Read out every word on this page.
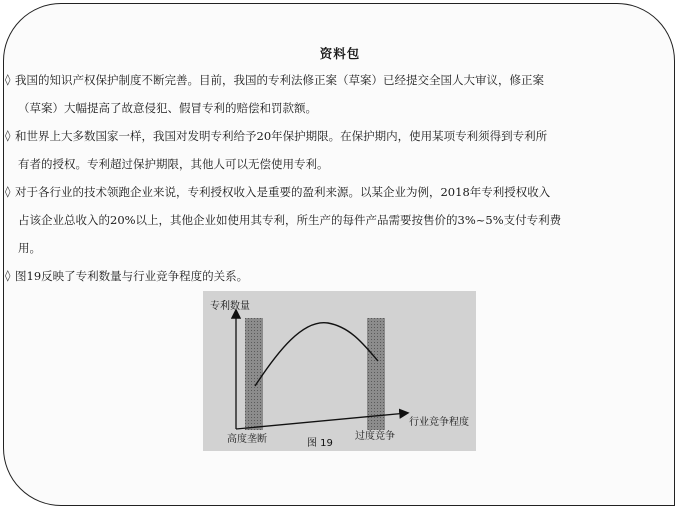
资料包
◊ 我国的知识产权保护制度不断完善。目前，我国的专利法修正案（草案）已经提交全国人大审议，修正案
（草案）大幅提高了故意侵犯、假冒专利的赔偿和罚款额。
◊ 和世界上大多数国家一样，我国对发明专利给予20年保护期限。在保护期内，使用某项专利须得到专利所
有者的授权。专利超过保护期限，其他人可以无偿使用专利。
◊ 对于各行业的技术领跑企业来说，专利授权收入是重要的盈利来源。以某企业为例，2018年专利授权收入
占该企业总收入的20%以上，其他企业如使用其专利，所生产的每件产品需要按售价的3%~5%支付专利费
用。
◊ 图19反映了专利数量与行业竞争程度的关系。
专利数量
行业竞争程度
高度垄断	过度竞争
图 19
